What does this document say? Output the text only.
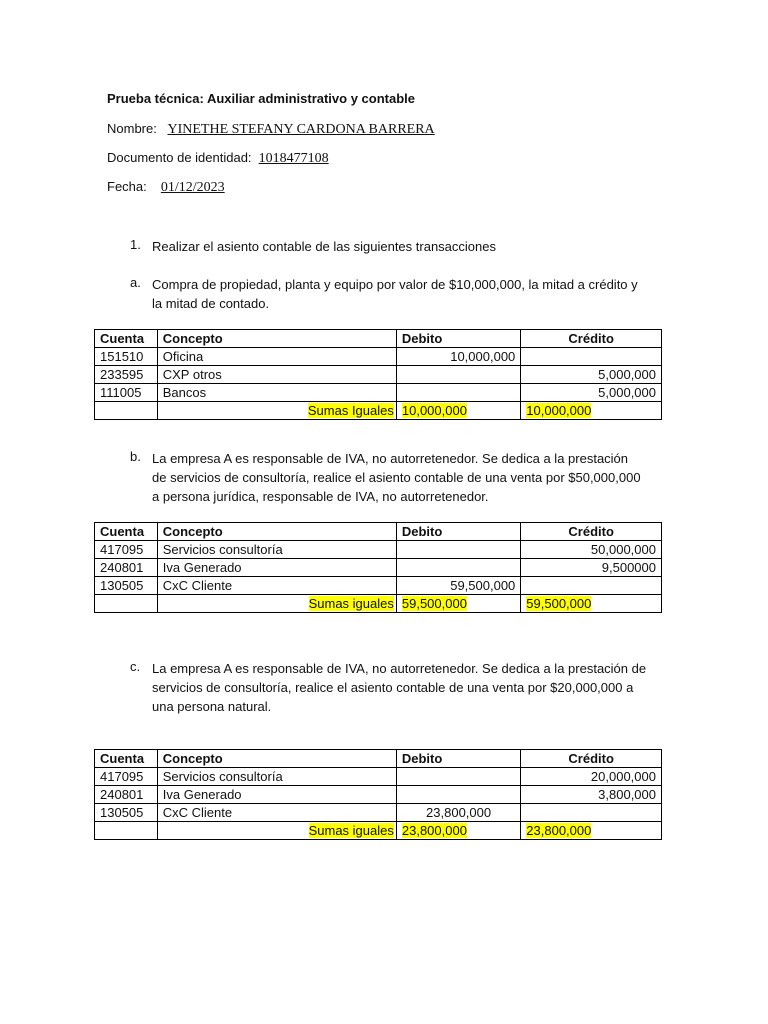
Prueba técnica: Auxiliar administrativo y contable
Nombre: YINETHE STEFANY CARDONA BARRERA
Documento de identidad: 1018477108
Fecha: 01/12/2023
1. Realizar el asiento contable de las siguientes transacciones
a. Compra de propiedad, planta y equipo por valor de $10,000,000, la mitad a crédito y
la mitad de contado.
Cuenta	Concepto	Debito	Crédito
151510	Oficina	10,000,000	
233595	CXP otros		5,000,000
111005	Bancos		5,000,000
	Sumas Iguales	10,000,000	10,000,000
b. La empresa A es responsable de IVA, no autorretenedor. Se dedica a la prestación
de servicios de consultoría, realice el asiento contable de una venta por $50,000,000
a persona jurídica, responsable de IVA, no autorretenedor.
Cuenta	Concepto	Debito	Crédito
417095	Servicios consultoría		50,000,000
240801	Iva Generado		9,500000
130505	CxC Cliente	59,500,000	
	Sumas iguales	59,500,000	59,500,000
c. La empresa A es responsable de IVA, no autorretenedor. Se dedica a la prestación de
servicios de consultoría, realice el asiento contable de una venta por $20,000,000 a
una persona natural.
Cuenta	Concepto	Debito	Crédito
417095	Servicios consultoría		20,000,000
240801	Iva Generado		3,800,000
130505	CxC Cliente	23,800,000	
	Sumas iguales	23,800,000	23,800,000
